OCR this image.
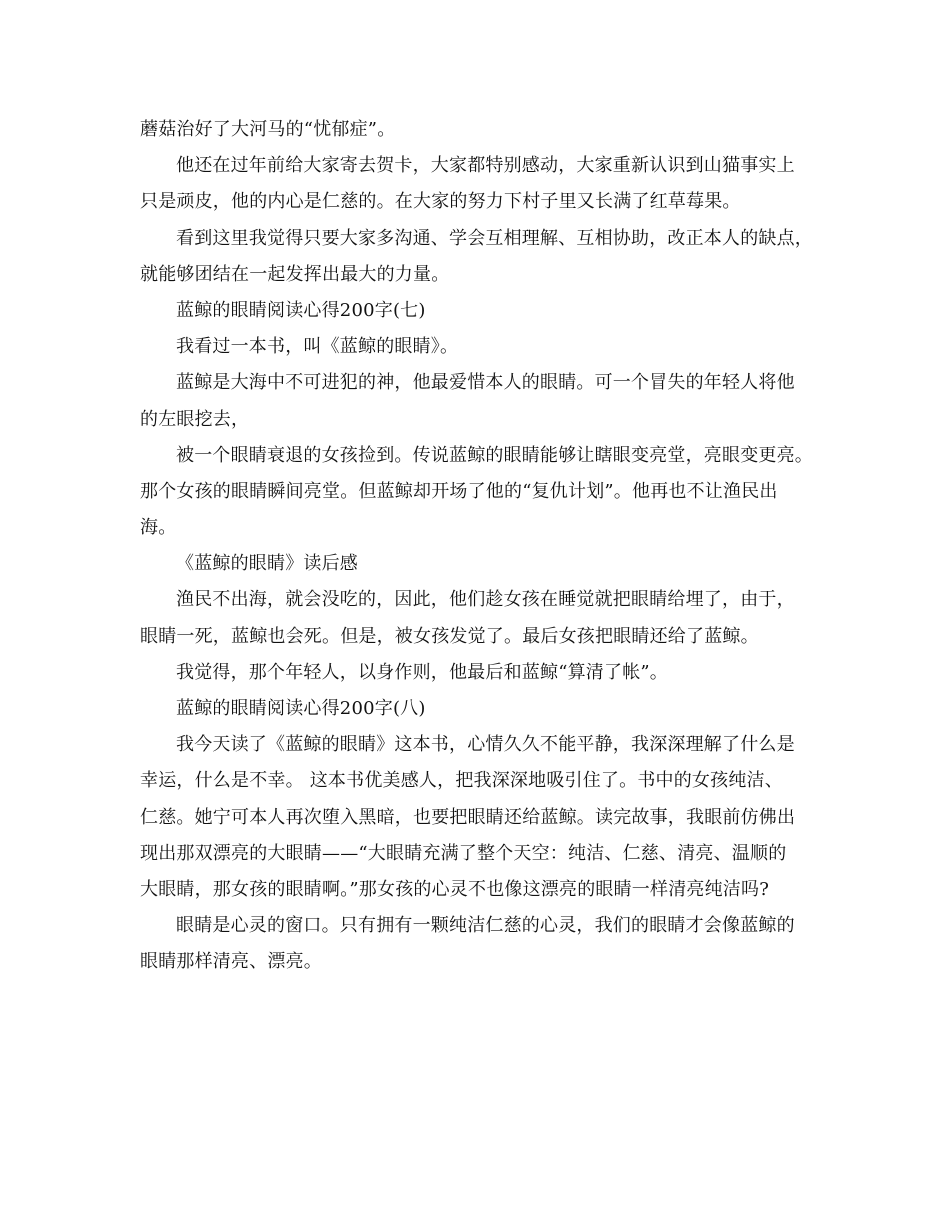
蘑菇治好了大河马的“忧郁症”。
他还在过年前给大家寄去贺卡，大家都特别感动，大家重新认识到山猫事实上
只是顽皮，他的内心是仁慈的。在大家的努力下村子里又长满了红草莓果。
看到这里我觉得只要大家多沟通、学会互相理解、互相协助，改正本人的缺点，
就能够团结在一起发挥出最大的力量。
蓝鲸的眼睛阅读心得200字(七)
我看过一本书，叫《蓝鲸的眼睛》。
蓝鲸是大海中不可进犯的神，他最爱惜本人的眼睛。可一个冒失的年轻人将他
的左眼挖去，
被一个眼睛衰退的女孩捡到。传说蓝鲸的眼睛能够让瞎眼变亮堂，亮眼变更亮。
那个女孩的眼睛瞬间亮堂。但蓝鲸却开场了他的“复仇计划”。他再也不让渔民出
海。
《蓝鲸的眼睛》读后感
渔民不出海，就会没吃的，因此，他们趁女孩在睡觉就把眼睛给埋了，由于，
眼睛一死，蓝鲸也会死。但是，被女孩发觉了。最后女孩把眼睛还给了蓝鲸。
我觉得，那个年轻人，以身作则，他最后和蓝鲸“算清了帐”。
蓝鲸的眼睛阅读心得200字(八)
我今天读了《蓝鲸的眼睛》这本书，心情久久不能平静，我深深理解了什么是
幸运，什么是不幸。 这本书优美感人，把我深深地吸引住了。书中的女孩纯洁、
仁慈。她宁可本人再次堕入黑暗，也要把眼睛还给蓝鲸。读完故事，我眼前仿佛出
现出那双漂亮的大眼睛——“大眼睛充满了整个天空：纯洁、仁慈、清亮、温顺的
大眼睛，那女孩的眼睛啊。”那女孩的心灵不也像这漂亮的眼睛一样清亮纯洁吗?
眼睛是心灵的窗口。只有拥有一颗纯洁仁慈的心灵，我们的眼睛才会像蓝鲸的
眼睛那样清亮、漂亮。
